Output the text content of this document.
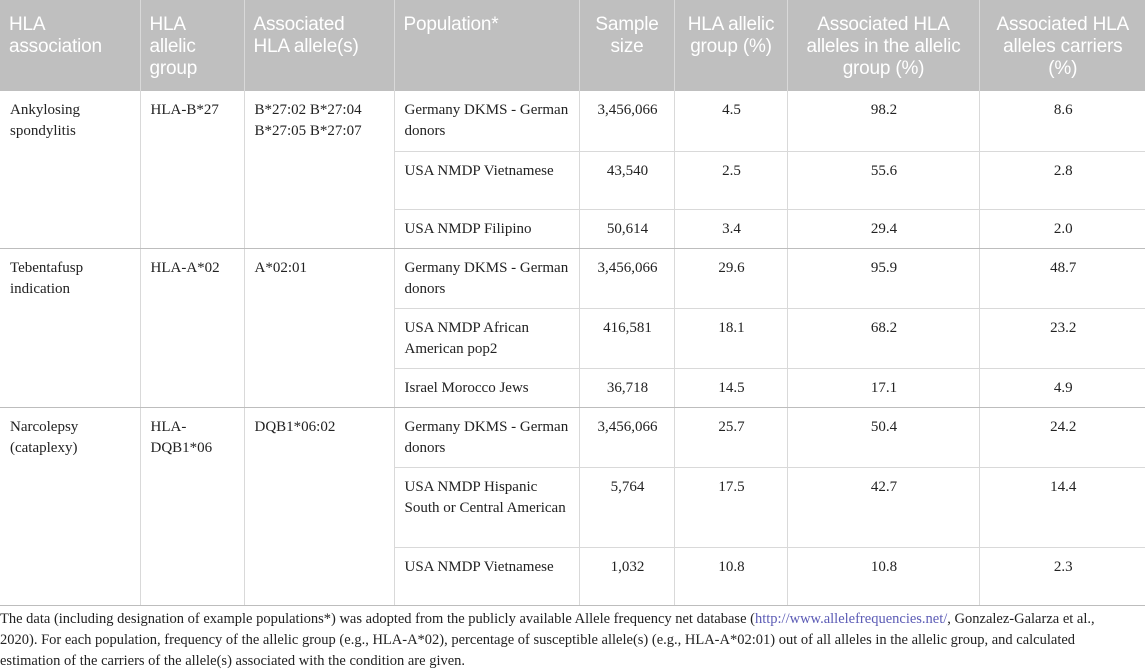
HLA association	HLA allelic group	Associated HLA allele(s)	Population*	Sample size	HLA allelic group (%)	Associated HLA alleles in the allelic group (%)	Associated HLA alleles carriers (%)
Ankylosing spondylitis	HLA-B*27	B*27:02 B*27:04 B*27:05 B*27:07	Germany DKMS - German donors	3,456,066	4.5	98.2	8.6
			USA NMDP Vietnamese	43,540	2.5	55.6	2.8
			USA NMDP Filipino	50,614	3.4	29.4	2.0
Tebentafusp indication	HLA-A*02	A*02:01	Germany DKMS - German donors	3,456,066	29.6	95.9	48.7
			USA NMDP African American pop2	416,581	18.1	68.2	23.2
			Israel Morocco Jews	36,718	14.5	17.1	4.9
Narcolepsy (cataplexy)	HLA-DQB1*06	DQB1*06:02	Germany DKMS - German donors	3,456,066	25.7	50.4	24.2
			USA NMDP Hispanic South or Central American	5,764	17.5	42.7	14.4
			USA NMDP Vietnamese	1,032	10.8	10.8	2.3
The data (including designation of example populations*) was adopted from the publicly available Allele frequency net database (http://www.allelefrequencies.net/, Gonzalez-Galarza et al., 2020). For each population, frequency of the allelic group (e.g., HLA-A*02), percentage of susceptible allele(s) (e.g., HLA-A*02:01) out of all alleles in the allelic group, and calculated estimation of the carriers of the allele(s) associated with the condition are given.
